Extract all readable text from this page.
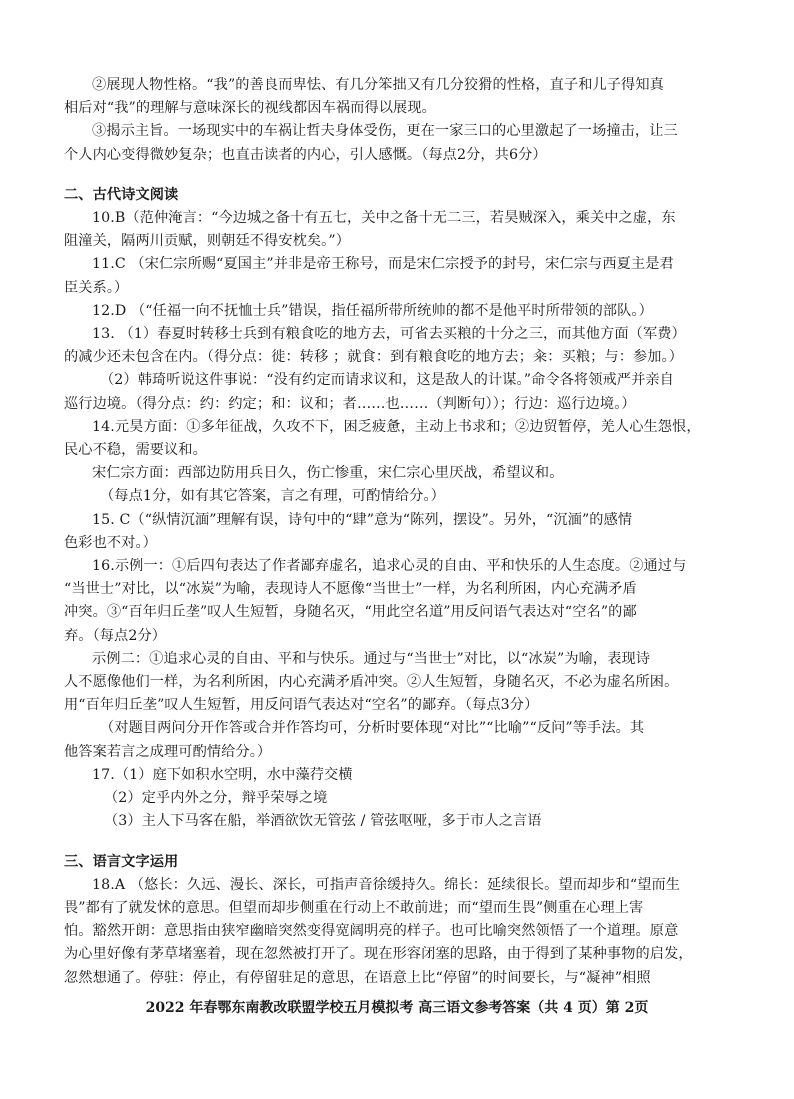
②展现人物性格。“我”的善良而卑怯、有几分笨拙又有几分狡猾的性格，直子和儿子得知真

相后对“我”的理解与意味深长的视线都因车祸而得以展现。

③揭示主旨。一场现实中的车祸让哲夫身体受伤，更在一家三口的心里激起了一场撞击，让三

个人内心变得微妙复杂；也直击读者的内心，引人感慨。（每点2分，共6分）

二、古代诗文阅读

10.B（范仲淹言：“今边城之备十有五七，关中之备十无二三，若昊贼深入，乘关中之虚，东

阻潼关，隔两川贡赋，则朝廷不得安枕矣。”）

11.C （宋仁宗所赐“夏国主”并非是帝王称号，而是宋仁宗授予的封号，宋仁宗与西夏主是君

臣关系。）

12.D （“任福一向不抚恤士兵”错误，指任福所带所统帅的都不是他平时所带领的部队。）

13. （1）春夏时转移士兵到有粮食吃的地方去，可省去买粮的十分之三，而其他方面（军费）

的减少还未包含在内。（得分点：徙：转移 ；就食：到有粮食吃的地方去；籴：买粮；与：参加。）

（2）韩琦听说这件事说：“没有约定而请求议和，这是敌人的计谋。”命令各将领戒严并亲自

巡行边境。（得分点：约：约定；和：议和；者……也……（判断句））；行边：巡行边境。）

14.元昊方面：①多年征战，久攻不下，困乏疲惫，主动上书求和；②边贸暂停，羌人心生怨恨，

民心不稳，需要议和。

宋仁宗方面：西部边防用兵日久，伤亡惨重，宋仁宗心里厌战，希望议和。

（每点1分，如有其它答案，言之有理，可酌情给分。）

15. C（“纵情沉湎”理解有误，诗句中的“肆”意为“陈列，摆设”。另外，“沉湎”的感情

色彩也不对。）

16.示例一：①后四句表达了作者鄙弃虚名，追求心灵的自由、平和快乐的人生态度。②通过与

“当世士”对比，以“冰炭”为喻，表现诗人不愿像“当世士”一样，为名利所困，内心充满矛盾

冲突。③“百年归丘垄”叹人生短暂，身随名灭，“用此空名道”用反问语气表达对“空名”的鄙

弃。（每点2分）

示例二：①追求心灵的自由、平和与快乐。通过与“当世士”对比，以“冰炭”为喻，表现诗

人不愿像他们一样，为名利所困，内心充满矛盾冲突。②人生短暂，身随名灭，不必为虚名所困。

用“百年归丘垄”叹人生短暂，用反问语气表达对“空名”的鄙弃。（每点3分）

（对题目两问分开作答或合并作答均可，分析时要体现“对比”“比喻”“反问”等手法。其

他答案若言之成理可酌情给分。）

17.（1）庭下如积水空明，水中藻荇交横

（2）定乎内外之分，辩乎荣辱之境

（3）主人下马客在船，举酒欲饮无管弦 / 管弦呕哑，多于市人之言语

三、语言文字运用

18.A （悠长：久远、漫长、深长，可指声音徐缓持久。绵长：延续很长。望而却步和“望而生

畏”都有了就发怵的意思。但望而却步侧重在行动上不敢前进；而“望而生畏”侧重在心理上害

怕。豁然开朗：意思指由狭窄幽暗突然变得宽阔明亮的样子。也可比喻突然领悟了一个道理。原意

为心里好像有茅草堵塞着，现在忽然被打开了。现在形容闭塞的思路，由于得到了某种事物的启发，

忽然想通了。停驻：停止，有停留驻足的意思，在语意上比“停留”的时间要长，与“凝神”相照

2022 年春鄂东南教改联盟学校五月模拟考 高三语文参考答案（共 4 页）第 2页
